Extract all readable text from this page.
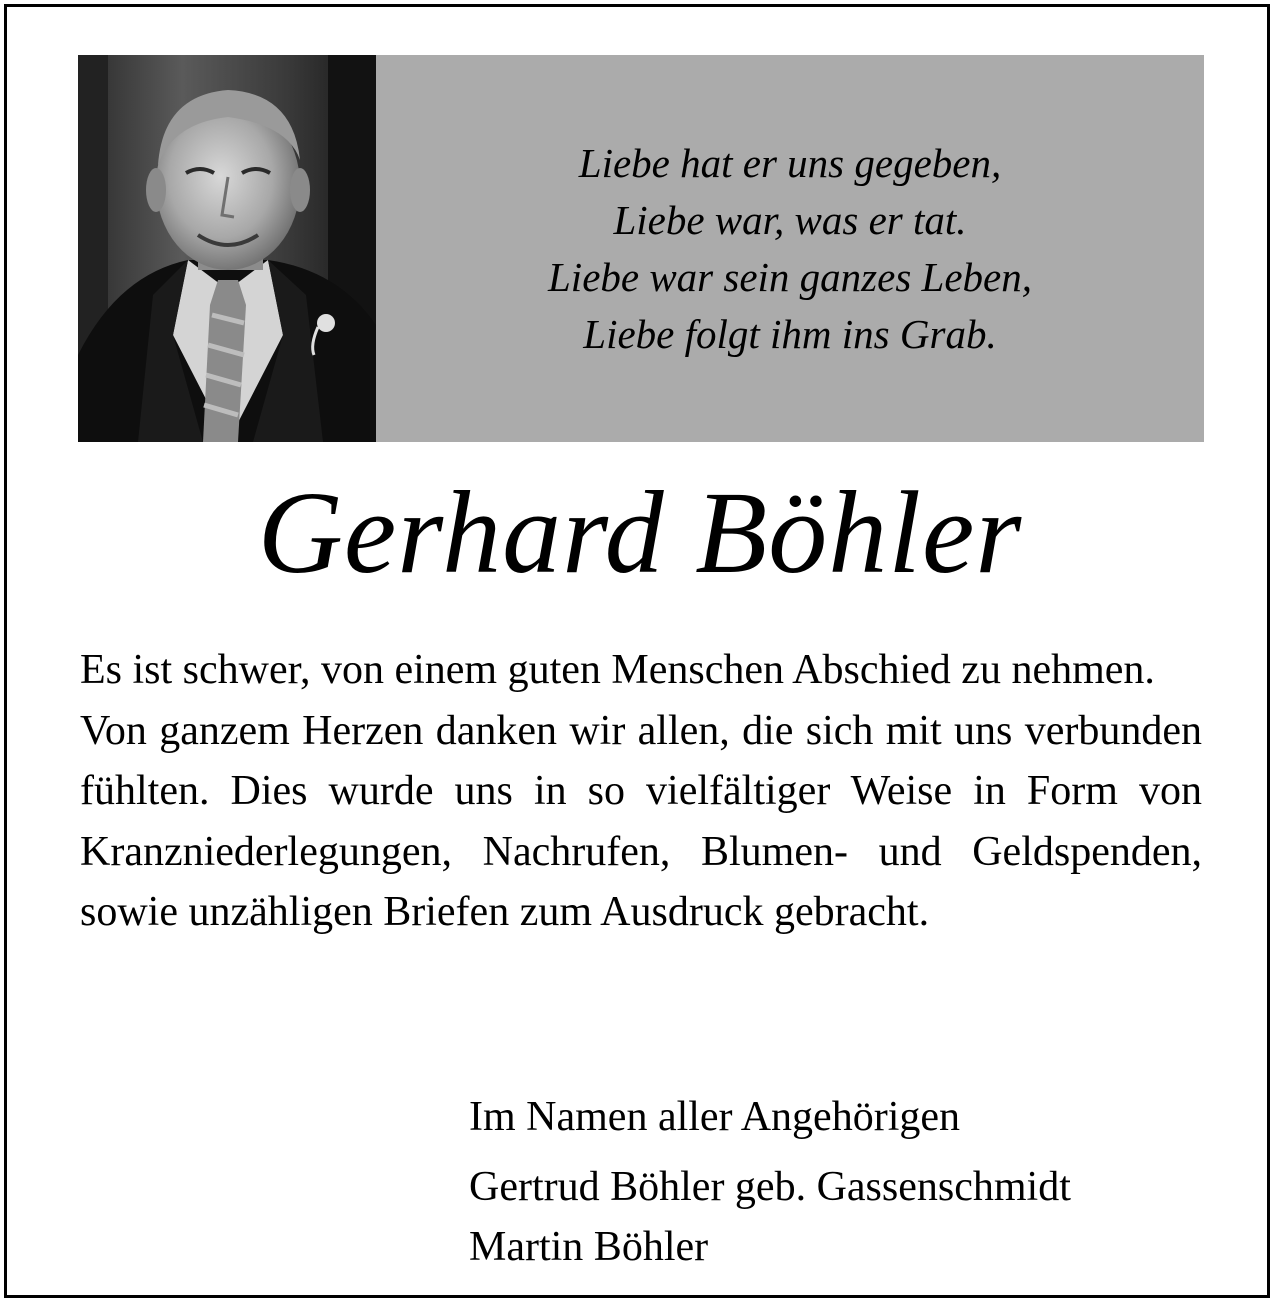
Liebe hat er uns gegeben,
Liebe war, was er tat.
Liebe war sein ganzes Leben,
Liebe folgt ihm ins Grab.
Gerhard Böhler

Es ist schwer, von einem guten Menschen Abschied zu nehmen.

Von ganzem Herzen danken wir allen, die sich mit uns verbunden fühlten. Dies wurde uns in so vielfältiger Weise in Form von Kranzniederlegungen, Nachrufen, Blumen- und Geldspenden, sowie unzähligen Briefen zum Ausdruck gebracht.

Im Namen aller Angehörigen
Gertrud Böhler geb. Gassenschmidt
Martin Böhler
